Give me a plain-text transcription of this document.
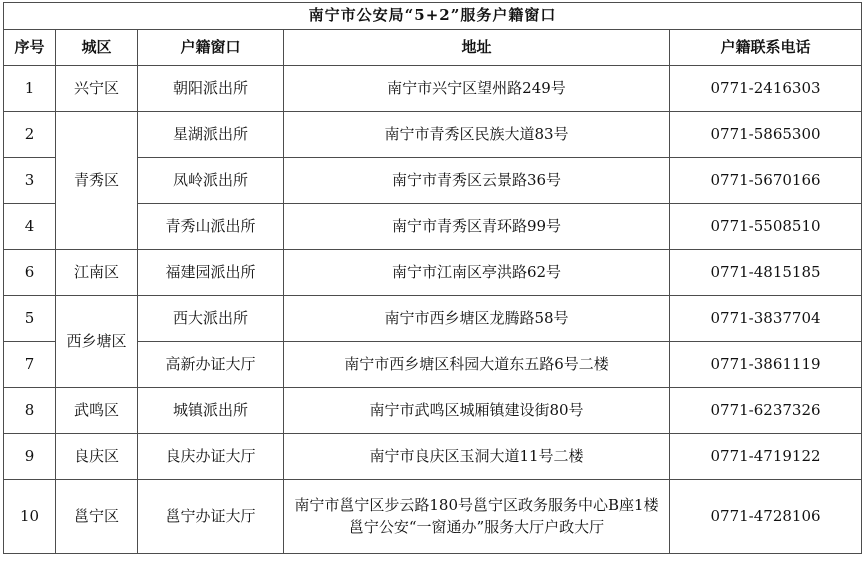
南宁市公安局“5+2”服务户籍窗口				
序号	城区	户籍窗口	地址	户籍联系电话
1	兴宁区	朝阳派出所	南宁市兴宁区望州路249号	0771-2416303
2	青秀区	星湖派出所	南宁市青秀区民族大道83号	0771-5865300
3		凤岭派出所	南宁市青秀区云景路36号	0771-5670166
4		青秀山派出所	南宁市青秀区青环路99号	0771-5508510
6	江南区	福建园派出所	南宁市江南区亭洪路62号	0771-4815185
5	西乡塘区	西大派出所	南宁市西乡塘区龙腾路58号	0771-3837704
7		高新办证大厅	南宁市西乡塘区科园大道东五路6号二楼	0771-3861119
8	武鸣区	城镇派出所	南宁市武鸣区城厢镇建设街80号	0771-6237326
9	良庆区	良庆办证大厅	南宁市良庆区玉洞大道11号二楼	0771-4719122
10	邕宁区	邕宁办证大厅	南宁市邕宁区步云路180号邕宁区政务服务中心B座1楼邕宁公安“一窗通办”服务大厅户政大厅	0771-4728106
